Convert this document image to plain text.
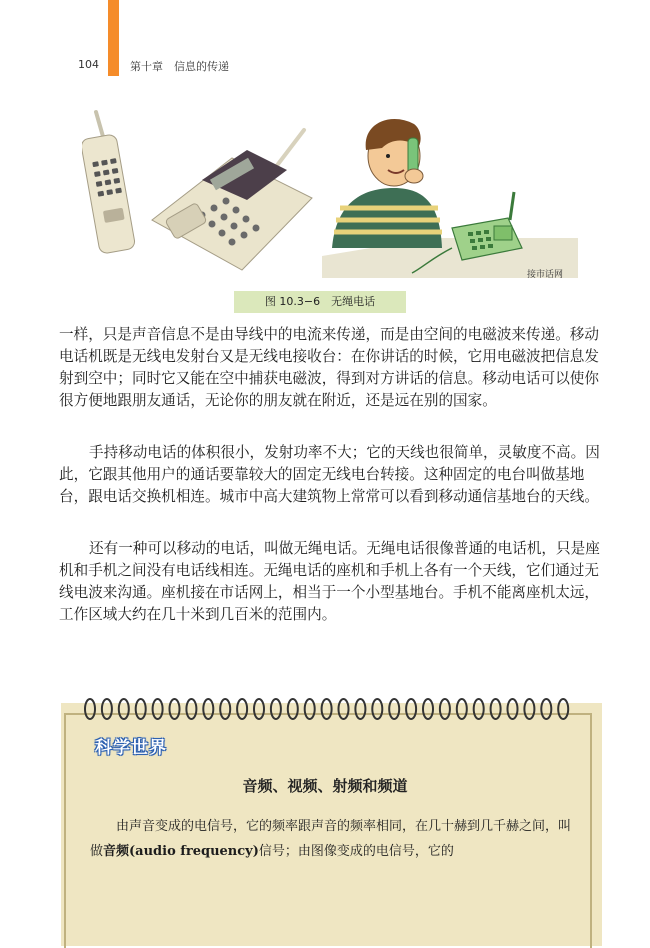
104	第十章　信息的传递
接市话网
图 10.3−6　无绳电话

一样，只是声音信息不是由导线中的电流来传递，而是由空间的电磁波来传递。移动电话机既是无线电发射台又是无线电接收台：在你讲话的时候，它用电磁波把信息发射到空中；同时它又能在空中捕获电磁波，得到对方讲话的信息。移动电话可以使你很方便地跟朋友通话，无论你的朋友就在附近，还是远在别的国家。

手持移动电话的体积很小，发射功率不大；它的天线也很简单，灵敏度不高。因此，它跟其他用户的通话要靠较大的固定无线电台转接。这种固定的电台叫做基地台，跟电话交换机相连。城市中高大建筑物上常常可以看到移动通信基地台的天线。

还有一种可以移动的电话，叫做无绳电话。无绳电话很像普通的电话机，只是座机和手机之间没有电话线相连。无绳电话的座机和手机上各有一个天线，它们通过无线电波来沟通。座机接在市话网上，相当于一个小型基地台。手机不能离座机太远，工作区域大约在几十米到几百米的范围内。

科学世界
音频、视频、射频和频道

由声音变成的电信号，它的频率跟声音的频率相同，在几十赫到几千赫之间，叫做音频(audio frequency)信号；由图像变成的电信号，它的
